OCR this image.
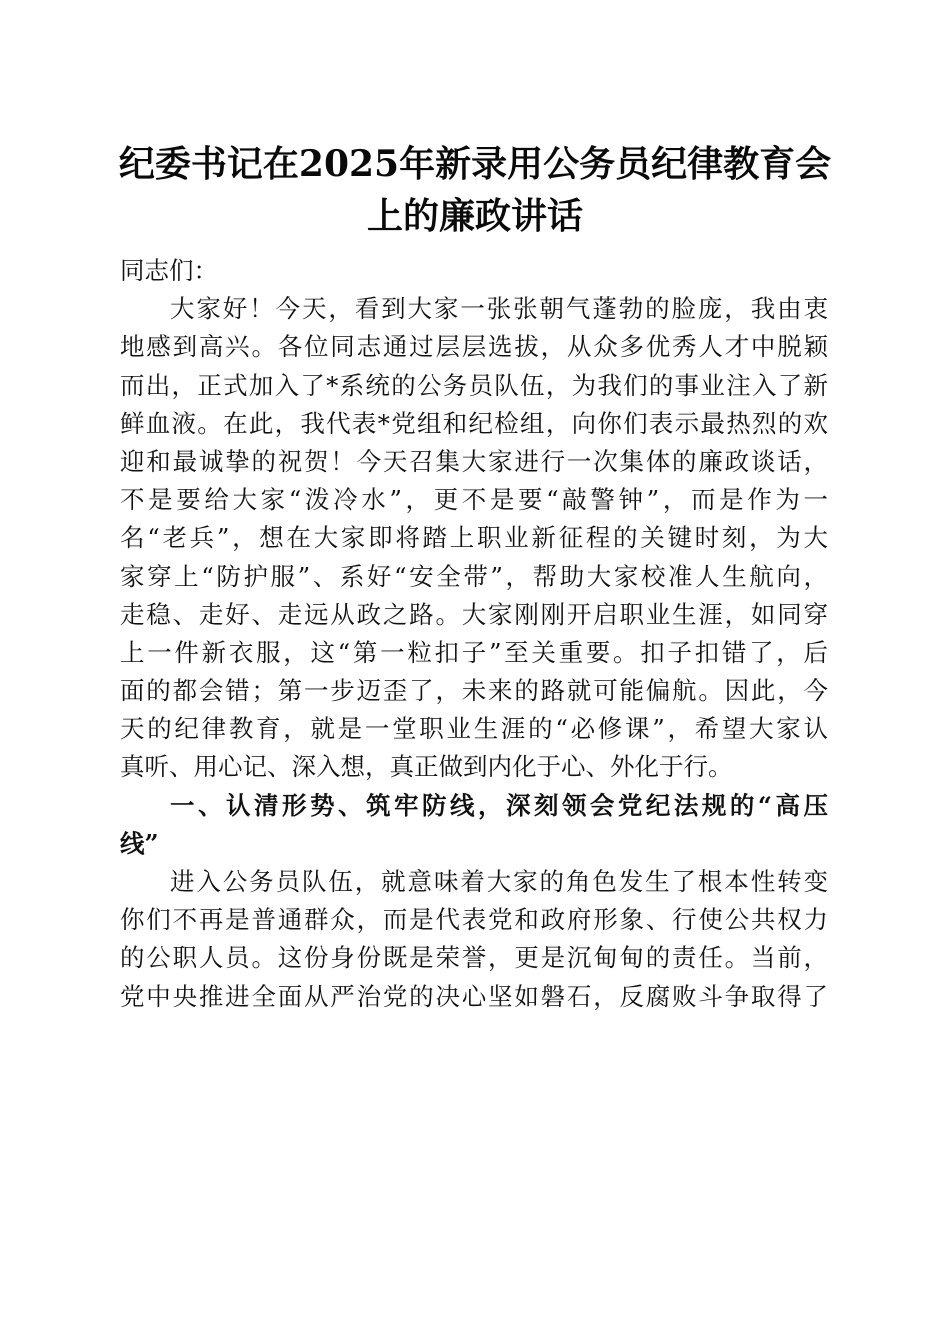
纪委书记在2025年新录用公务员纪律教育会
上的廉政讲话
同志们：
大家好！今天，看到大家一张张朝气蓬勃的脸庞，我由衷
地感到高兴。各位同志通过层层选拔，从众多优秀人才中脱颖
而出，正式加入了*系统的公务员队伍，为我们的事业注入了新
鲜血液。在此，我代表*党组和纪检组，向你们表示最热烈的欢
迎和最诚挚的祝贺！今天召集大家进行一次集体的廉政谈话，
不是要给大家“泼冷水”，更不是要“敲警钟”，而是作为一
名“老兵”，想在大家即将踏上职业新征程的关键时刻，为大
家穿上“防护服”、系好“安全带”，帮助大家校准人生航向，
走稳、走好、走远从政之路。大家刚刚开启职业生涯，如同穿
上一件新衣服，这“第一粒扣子”至关重要。扣子扣错了，后
面的都会错；第一步迈歪了，未来的路就可能偏航。因此，今
天的纪律教育，就是一堂职业生涯的“必修课”，希望大家认
真听、用心记、深入想，真正做到内化于心、外化于行。
一、认清形势、筑牢防线，深刻领会党纪法规的“高压
线”
进入公务员队伍，就意味着大家的角色发生了根本性转变
你们不再是普通群众，而是代表党和政府形象、行使公共权力
的公职人员。这份身份既是荣誉，更是沉甸甸的责任。当前，
党中央推进全面从严治党的决心坚如磐石，反腐败斗争取得了
